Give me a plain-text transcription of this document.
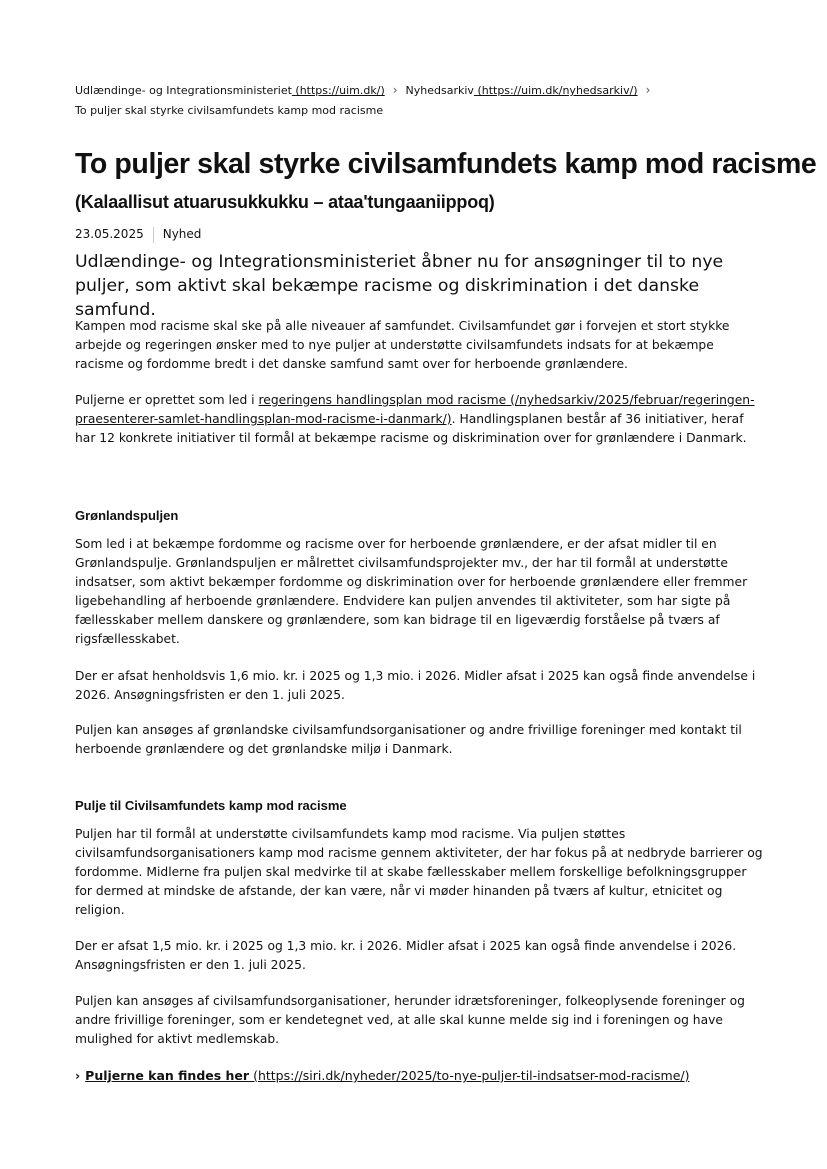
Udlændinge- og Integrationsministeriet (https://uim.dk/) › Nyhedsarkiv (https://uim.dk/nyhedsarkiv/) ›
To puljer skal styrke civilsamfundets kamp mod racisme
To puljer skal styrke civilsamfundets kamp mod racisme
(Kalaallisut atuarusukkukku – ataa'tungaaniippoq)
23.05.2025 Nyhed

Udlændinge- og Integrationsministeriet åbner nu for ansøgninger til to nye puljer, som aktivt skal bekæmpe racisme og diskrimination i det danske samfund.

Kampen mod racisme skal ske på alle niveauer af samfundet. Civilsamfundet gør i forvejen et stort stykke arbejde og regeringen ønsker med to nye puljer at understøtte civilsamfundets indsats for at bekæmpe racisme og fordomme bredt i det danske samfund samt over for herboende grønlændere.

Puljerne er oprettet som led i regeringens handlingsplan mod racisme (/nyhedsarkiv/2025/februar/regeringen-praesenterer-samlet-handlingsplan-mod-racisme-i-danmark/). Handlingsplanen består af 36 initiativer, heraf har 12 konkrete initiativer til formål at bekæmpe racisme og diskrimination over for grønlændere i Danmark.

Grønlandspuljen

Som led i at bekæmpe fordomme og racisme over for herboende grønlændere, er der afsat midler til en Grønlandspulje. Grønlandspuljen er målrettet civilsamfundsprojekter mv., der har til formål at understøtte indsatser, som aktivt bekæmper fordomme og diskrimination over for herboende grønlændere eller fremmer ligebehandling af herboende grønlændere. Endvidere kan puljen anvendes til aktiviteter, som har sigte på fællesskaber mellem danskere og grønlændere, som kan bidrage til en ligeværdig forståelse på tværs af rigsfællesskabet.

Der er afsat henholdsvis 1,6 mio. kr. i 2025 og 1,3 mio. i 2026. Midler afsat i 2025 kan også finde anvendelse i 2026. Ansøgningsfristen er den 1. juli 2025.

Puljen kan ansøges af grønlandske civilsamfundsorganisationer og andre frivillige foreninger med kontakt til herboende grønlændere og det grønlandske miljø i Danmark.

Pulje til Civilsamfundets kamp mod racisme

Puljen har til formål at understøtte civilsamfundets kamp mod racisme. Via puljen støttes civilsamfundsorganisationers kamp mod racisme gennem aktiviteter, der har fokus på at nedbryde barrierer og fordomme. Midlerne fra puljen skal medvirke til at skabe fællesskaber mellem forskellige befolkningsgrupper for dermed at mindske de afstande, der kan være, når vi møder hinanden på tværs af kultur, etnicitet og religion.

Der er afsat 1,5 mio. kr. i 2025 og 1,3 mio. kr. i 2026. Midler afsat i 2025 kan også finde anvendelse i 2026. Ansøgningsfristen er den 1. juli 2025.

Puljen kan ansøges af civilsamfundsorganisationer, herunder idrætsforeninger, folkeoplysende foreninger og andre frivillige foreninger, som er kendetegnet ved, at alle skal kunne melde sig ind i foreningen og have mulighed for aktivt medlemskab.

› Puljerne kan findes her (https://siri.dk/nyheder/2025/to-nye-puljer-til-indsatser-mod-racisme/)
